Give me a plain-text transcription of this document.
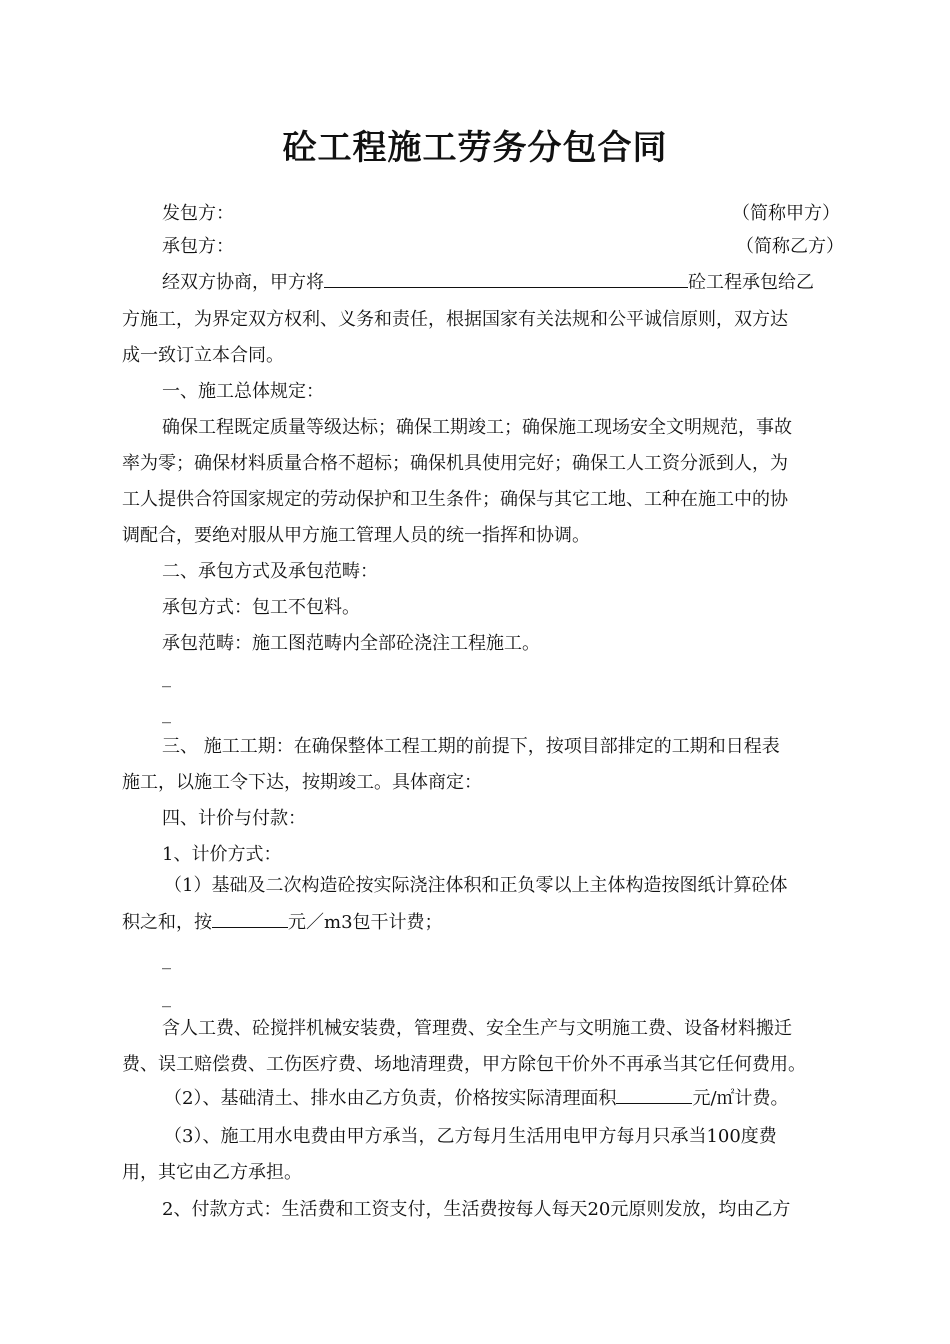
砼工程施工劳务分包合同
发包方：	（简称甲方）
承包方：	（简称乙方）
经双方协商，甲方将	砼工程承包给乙
方施工，为界定双方权利、义务和责任，根据国家有关法规和公平诚信原则，双方达
成一致订立本合同。
一、施工总体规定：
确保工程既定质量等级达标；确保工期竣工；确保施工现场安全文明规范，事故
率为零；确保材料质量合格不超标；确保机具使用完好；确保工人工资分派到人，为
工人提供合符国家规定的劳动保护和卫生条件；确保与其它工地、工种在施工中的协
调配合，要绝对服从甲方施工管理人员的统一指挥和协调。
二、承包方式及承包范畴：
承包方式：包工不包料。
承包范畴：施工图范畴内全部砼浇注工程施工。
_
_
三、 施工工期：在确保整体工程工期的前提下，按项目部排定的工期和日程表
施工，以施工令下达，按期竣工。具体商定：
四、计价与付款：
1、计价方式：
（1）基础及二次构造砼按实际浇注体积和正负零以上主体构造按图纸计算砼体
积之和，按	元／m3包干计费；
_
_
含人工费、砼搅拌机械安装费，管理费、安全生产与文明施工费、设备材料搬迁
费、误工赔偿费、工伤医疗费、场地清理费，甲方除包干价外不再承当其它任何费用。
（2）、基础清土、排水由乙方负责，价格按实际清理面积	元/㎡计费。
（3）、施工用水电费由甲方承当，乙方每月生活用电甲方每月只承当100度费
用，其它由乙方承担。
2、付款方式：生活费和工资支付，生活费按每人每天20元原则发放，均由乙方
